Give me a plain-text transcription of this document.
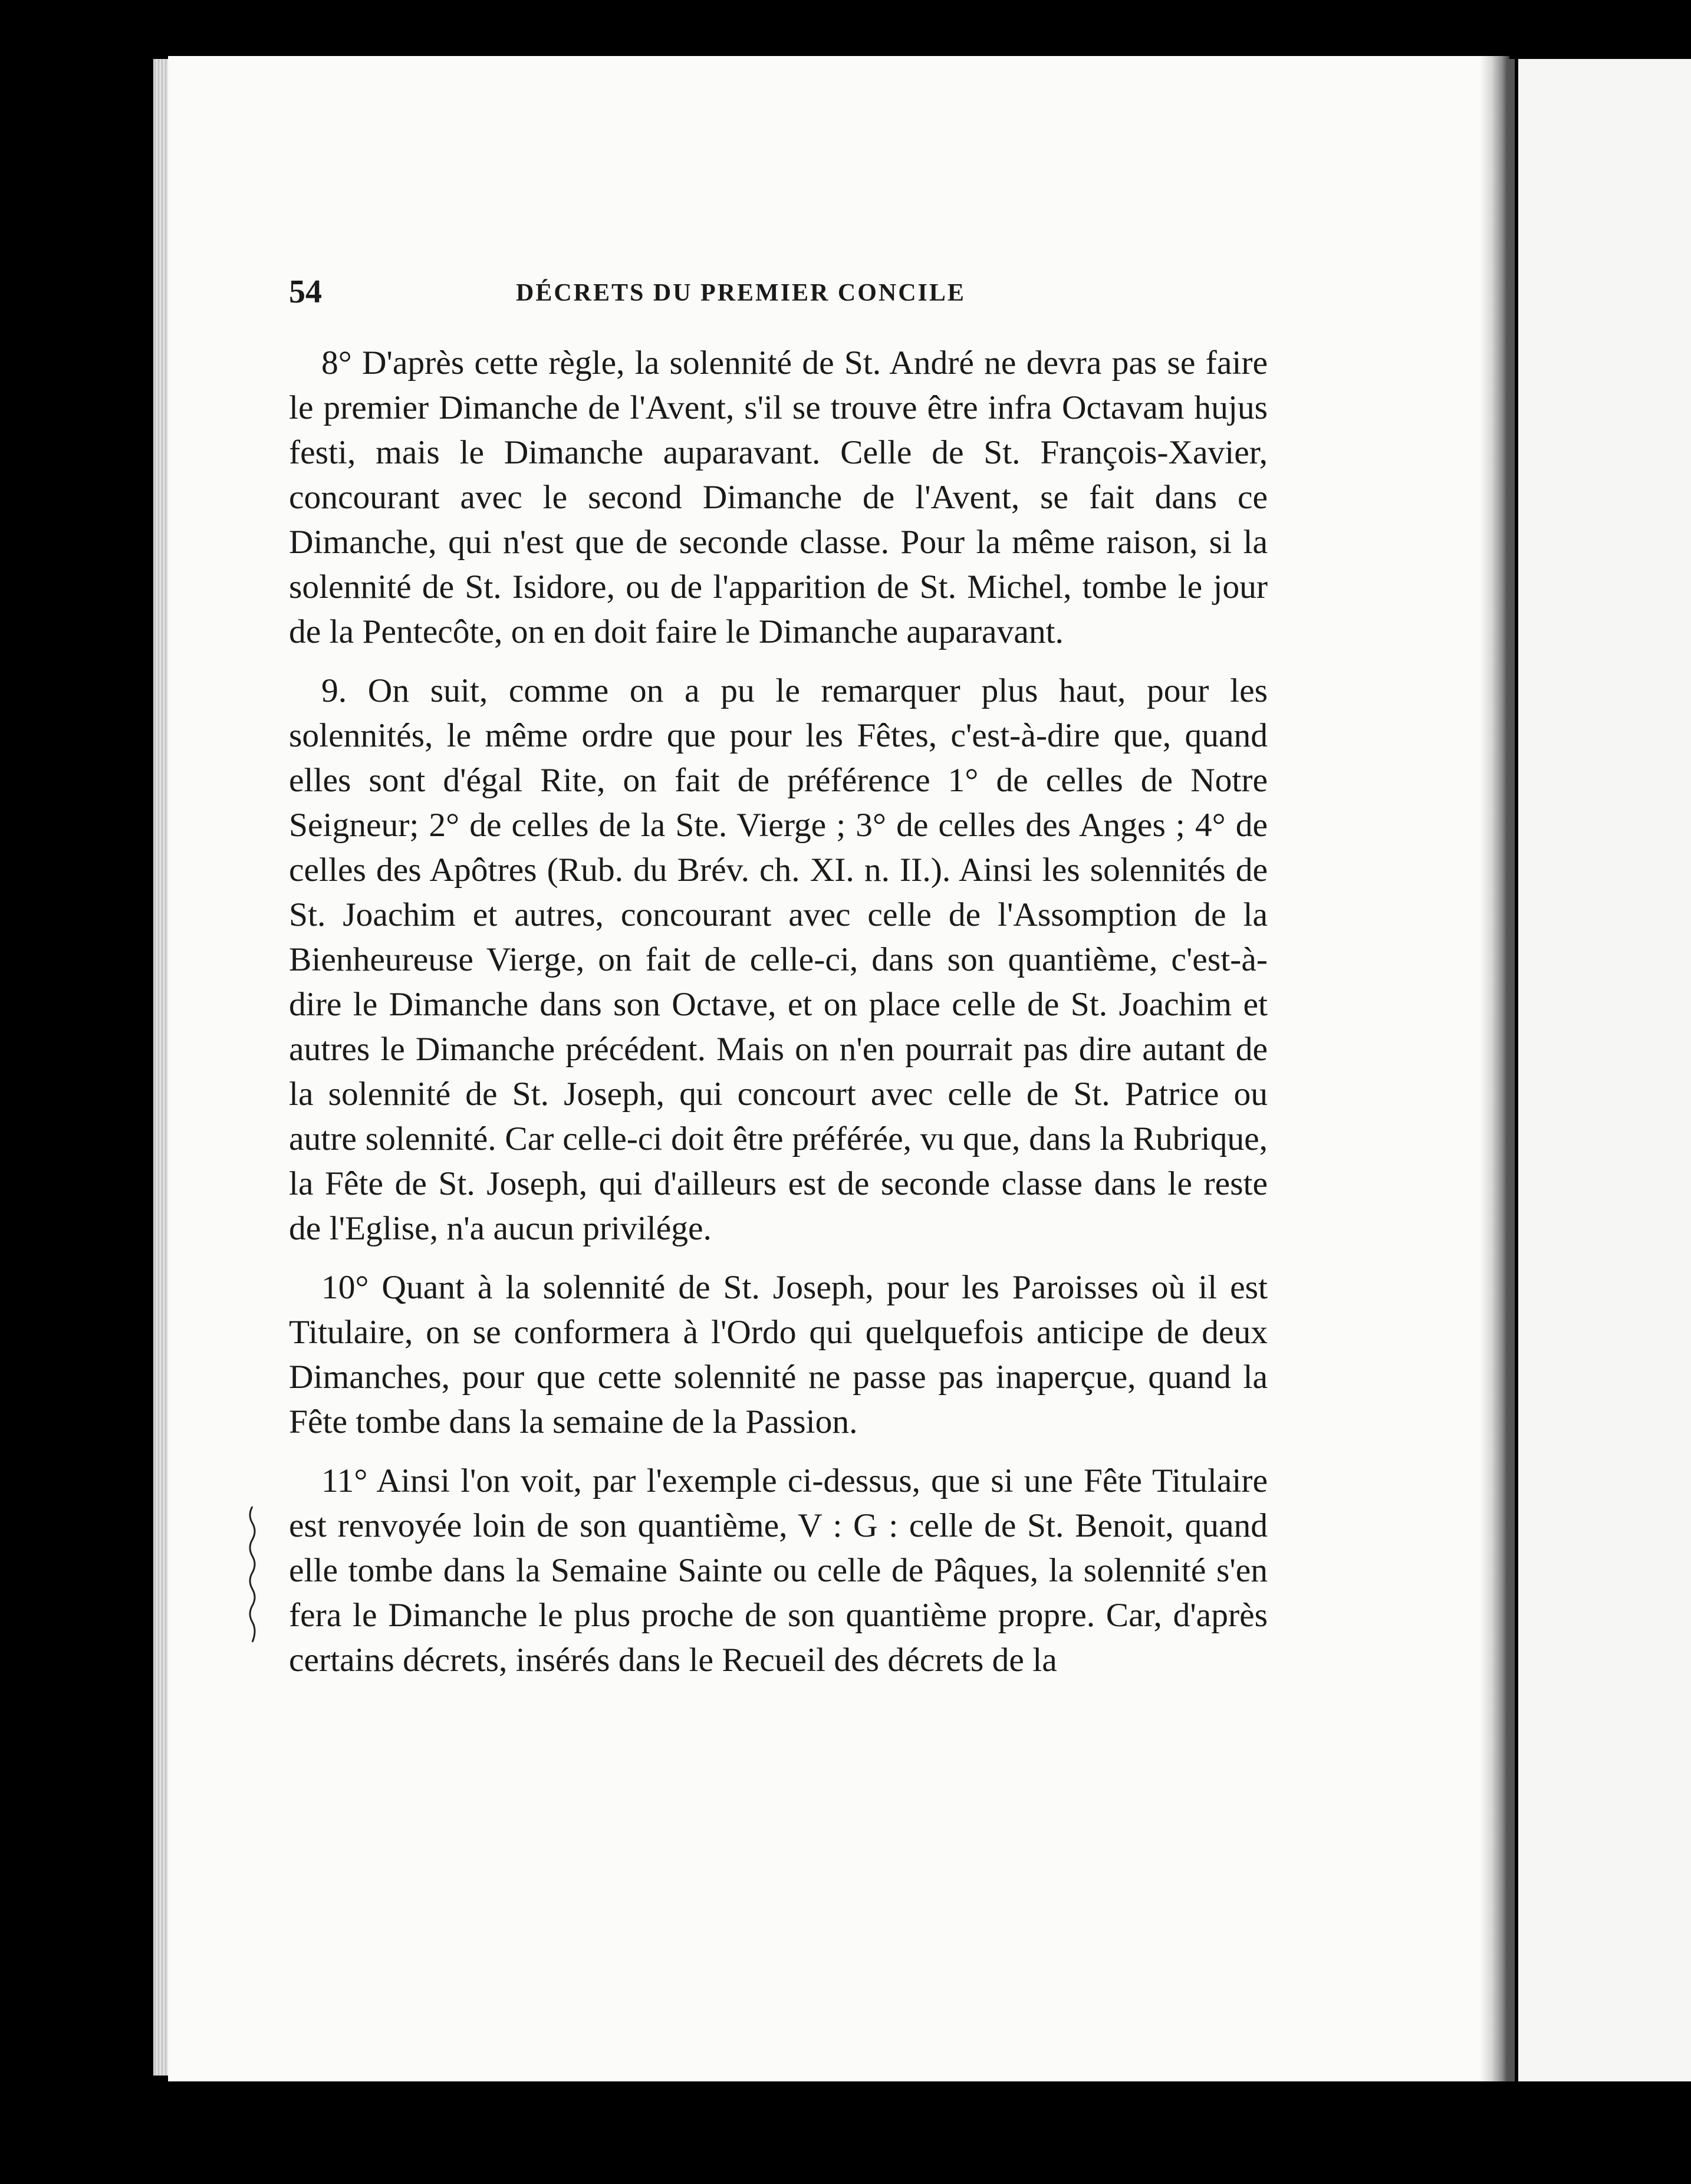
54	DÉCRETS DU PREMIER CONCILE

8° D'après cette règle, la solennité de St. André ne devra pas se faire le premier Dimanche de l'Avent, s'il se trouve être infra Octavam hujus festi, mais le Dimanche auparavant. Celle de St. François-Xavier, concourant avec le second Dimanche de l'Avent, se fait dans ce Dimanche, qui n'est que de seconde classe. Pour la même raison, si la solennité de St. Isidore, ou de l'apparition de St. Michel, tombe le jour de la Pentecôte, on en doit faire le Dimanche auparavant.

9. On suit, comme on a pu le remarquer plus haut, pour les solennités, le même ordre que pour les Fêtes, c'est-à-dire que, quand elles sont d'égal Rite, on fait de préférence 1° de celles de Notre Seigneur; 2° de celles de la Ste. Vierge ; 3° de celles des Anges ; 4° de celles des Apôtres (Rub. du Brév. ch. XI. n. II.). Ainsi les solennités de St. Joachim et autres, concourant avec celle de l'Assomption de la Bienheureuse Vierge, on fait de celle-ci, dans son quantième, c'est-à-dire le Dimanche dans son Octave, et on place celle de St. Joachim et autres le Dimanche précédent. Mais on n'en pourrait pas dire autant de la solennité de St. Joseph, qui concourt avec celle de St. Patrice ou autre solennité. Car celle-ci doit être préférée, vu que, dans la Rubrique, la Fête de St. Joseph, qui d'ailleurs est de seconde classe dans le reste de l'Eglise, n'a aucun privilége.

10° Quant à la solennité de St. Joseph, pour les Paroisses où il est Titulaire, on se conformera à l'Ordo qui quelquefois anticipe de deux Dimanches, pour que cette solennité ne passe pas inaperçue, quand la Fête tombe dans la semaine de la Passion.

11° Ainsi l'on voit, par l'exemple ci-dessus, que si une Fête Titulaire est renvoyée loin de son quantième, V : G : celle de St. Benoit, quand elle tombe dans la Semaine Sainte ou celle de Pâques, la solennité s'en fera le Dimanche le plus proche de son quantième propre. Car, d'après certains décrets, insérés dans le Recueil des décrets de la
